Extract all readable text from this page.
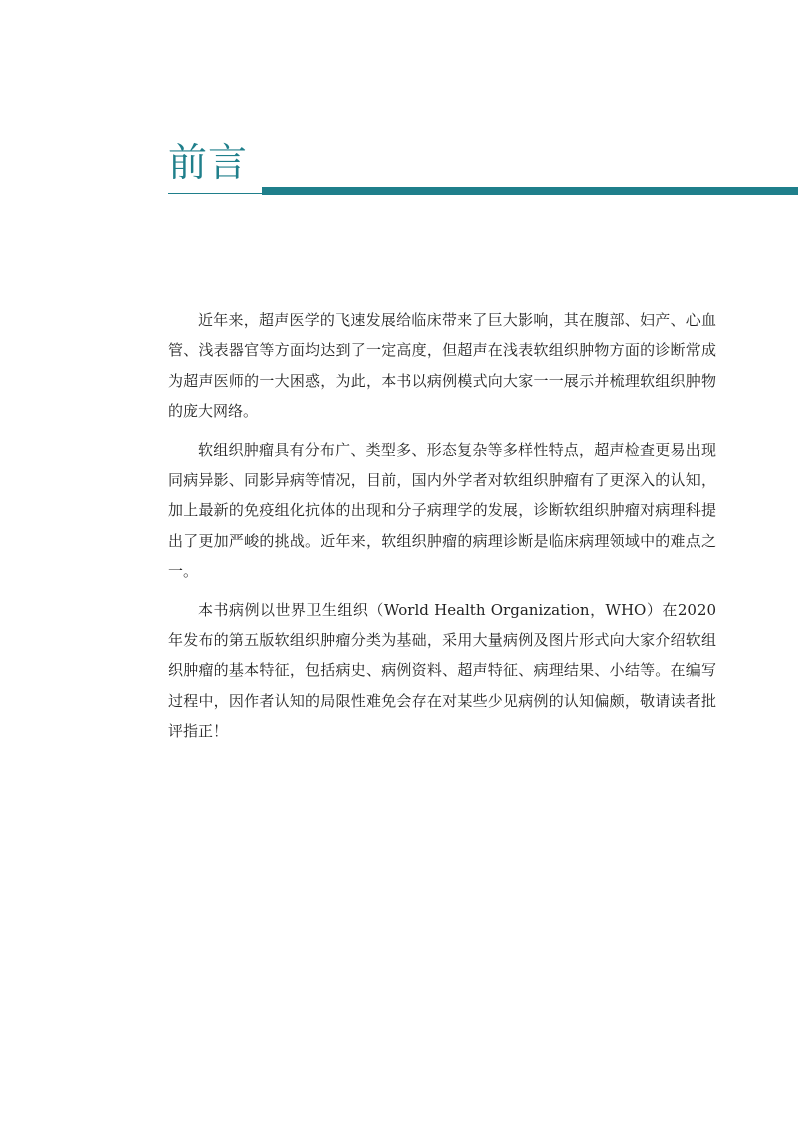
前言

近年来，超声医学的飞速发展给临床带来了巨大影响，其在腹部、妇产、心血管、浅表器官等方面均达到了一定高度，但超声在浅表软组织肿物方面的诊断常成为超声医师的一大困惑，为此，本书以病例模式向大家一一展示并梳理软组织肿物的庞大网络。

软组织肿瘤具有分布广、类型多、形态复杂等多样性特点，超声检查更易出现同病异影、同影异病等情况，目前，国内外学者对软组织肿瘤有了更深入的认知，加上最新的免疫组化抗体的出现和分子病理学的发展，诊断软组织肿瘤对病理科提出了更加严峻的挑战。近年来，软组织肿瘤的病理诊断是临床病理领域中的难点之一。

本书病例以世界卫生组织（World Health Organization，WHO）在2020年发布的第五版软组织肿瘤分类为基础，采用大量病例及图片形式向大家介绍软组织肿瘤的基本特征，包括病史、病例资料、超声特征、病理结果、小结等。在编写过程中，因作者认知的局限性难免会存在对某些少见病例的认知偏颇，敬请读者批评指正！
